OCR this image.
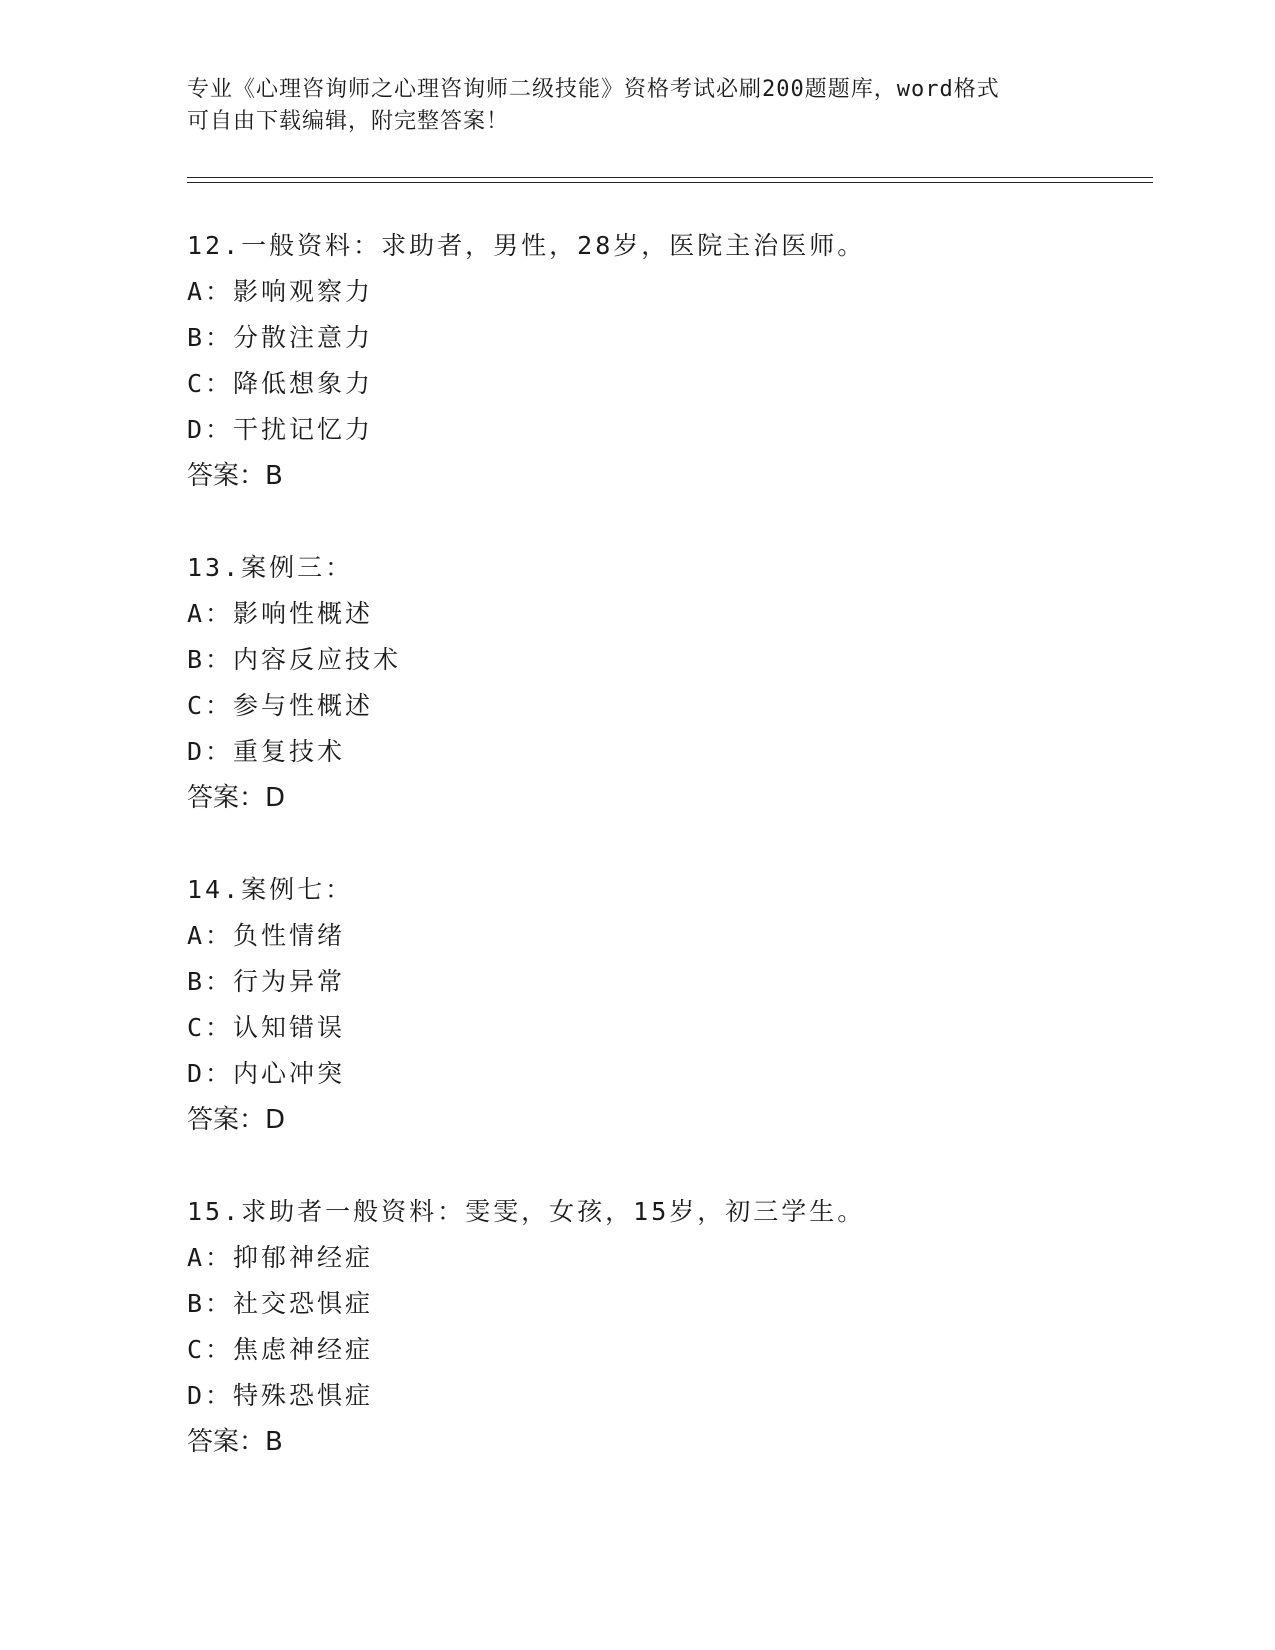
专业《心理咨询师之心理咨询师二级技能》资格考试必刷200题题库，word格式
可自由下载编辑，附完整答案！
12.一般资料：求助者，男性，28岁，医院主治医师。
A：影响观察力
B：分散注意力
C：降低想象力
D：干扰记忆力
答案：B
13.案例三：
A：影响性概述
B：内容反应技术
C：参与性概述
D：重复技术
答案：D
14.案例七：
A：负性情绪
B：行为异常
C：认知错误
D：内心冲突
答案：D
15.求助者一般资料：雯雯，女孩，15岁，初三学生。
A：抑郁神经症
B：社交恐惧症
C：焦虑神经症
D：特殊恐惧症
答案：B
